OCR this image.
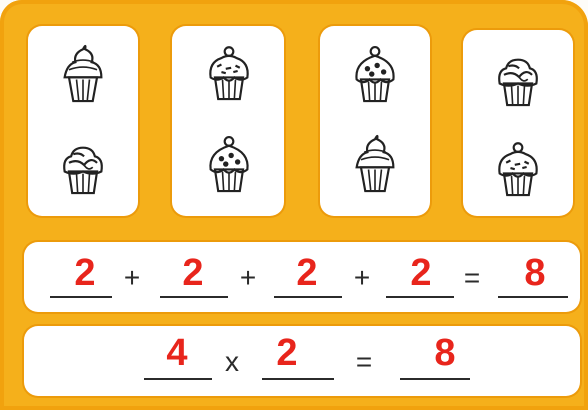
2 + 2 + 2 + 2 = 8
4 x 2 = 8
